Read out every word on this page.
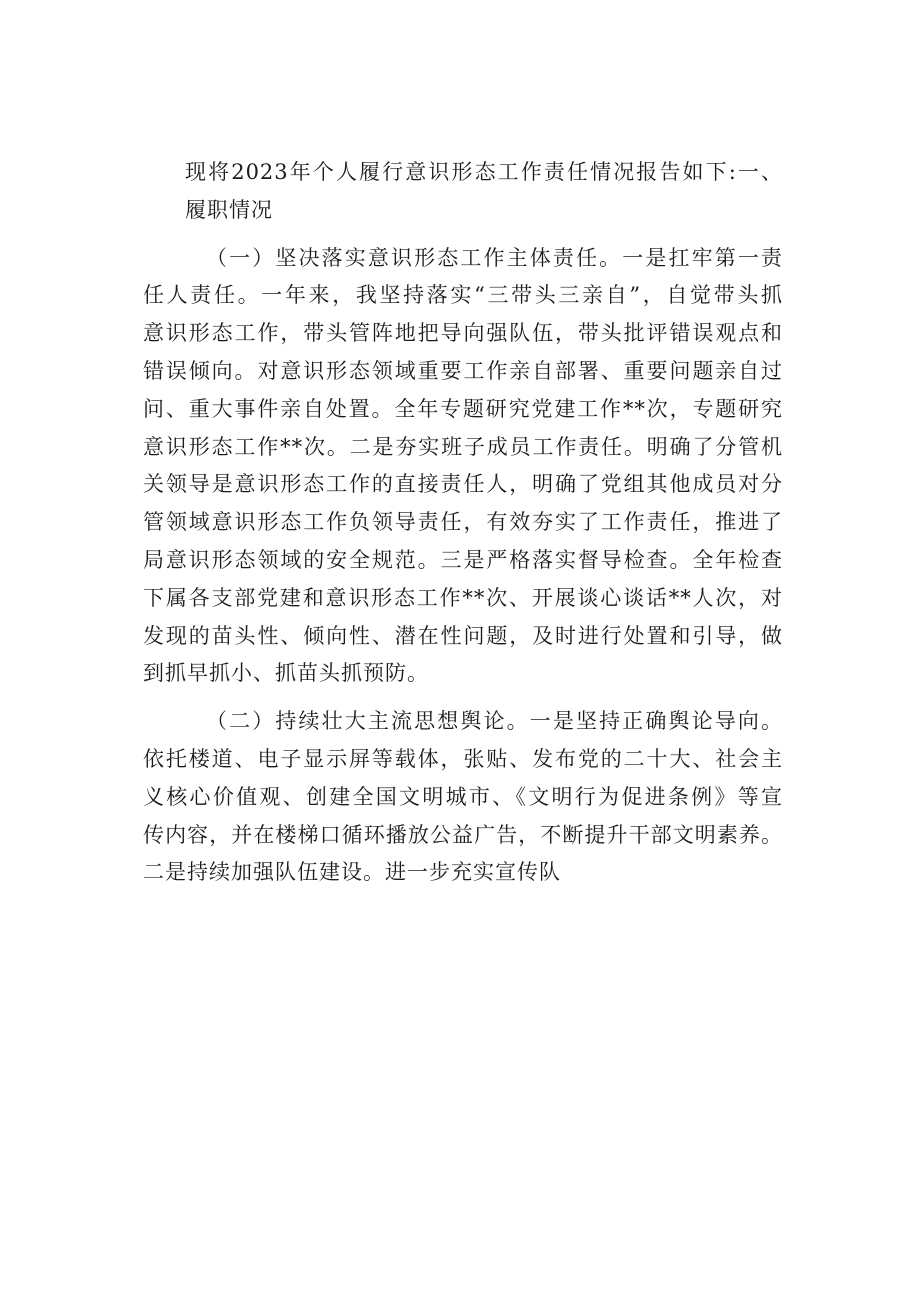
现将2023年个人履行意识形态工作责任情况报告如下:一、
履职情况
（一）坚决落实意识形态工作主体责任。一是扛牢第一责
任人责任。一年来，我坚持落实“三带头三亲自”，自觉带头抓
意识形态工作，带头管阵地把导向强队伍，带头批评错误观点和
错误倾向。对意识形态领域重要工作亲自部署、重要问题亲自过
问、重大事件亲自处置。全年专题研究党建工作**次，专题研究
意识形态工作**次。二是夯实班子成员工作责任。明确了分管机
关领导是意识形态工作的直接责任人，明确了党组其他成员对分
管领域意识形态工作负领导责任，有效夯实了工作责任，推进了
局意识形态领域的安全规范。三是严格落实督导检查。全年检查
下属各支部党建和意识形态工作**次、开展谈心谈话**人次，对
发现的苗头性、倾向性、潜在性问题，及时进行处置和引导，做
到抓早抓小、抓苗头抓预防。
（二）持续壮大主流思想舆论。一是坚持正确舆论导向。
依托楼道、电子显示屏等载体，张贴、发布党的二十大、社会主
义核心价值观、创建全国文明城市、《文明行为促进条例》等宣
传内容，并在楼梯口循环播放公益广告，不断提升干部文明素养。
二是持续加强队伍建设。进一步充实宣传队
